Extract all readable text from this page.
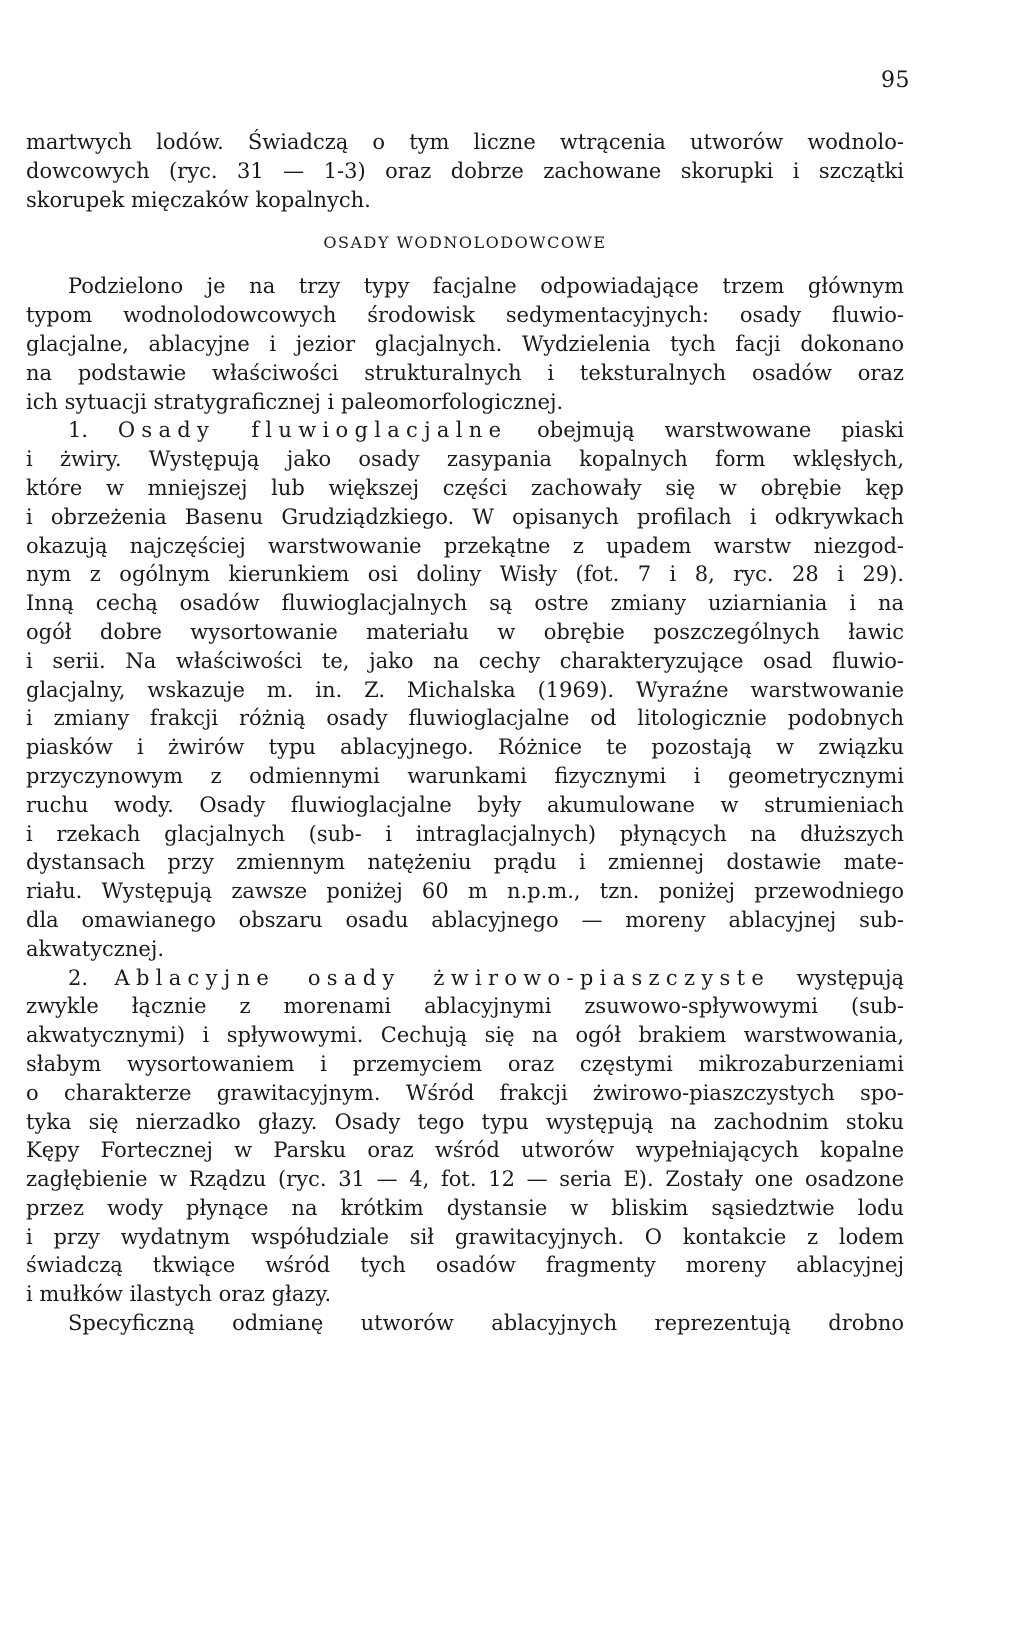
95
martwych lodów. Świadczą o tym liczne wtrącenia utworów wodnolo-
dowcowych (ryc. 31 — 1-3) oraz dobrze zachowane skorupki i szczątki
skorupek mięczaków kopalnych.
OSADY WODNOLODOWCOWE
Podzielono je na trzy typy facjalne odpowiadające trzem głównym
typom wodnolodowcowych środowisk sedymentacyjnych: osady fluwio-
glacjalne, ablacyjne i jezior glacjalnych. Wydzielenia tych facji dokonano
na podstawie właściwości strukturalnych i teksturalnych osadów oraz
ich sytuacji stratygraficznej i paleomorfologicznej.
1. Osady fluwioglacjalne obejmują warstwowane piaski
i żwiry. Występują jako osady zasypania kopalnych form wklęsłych,
które w mniejszej lub większej części zachowały się w obrębie kęp
i obrzeżenia Basenu Grudziądzkiego. W opisanych profilach i odkrywkach
okazują najczęściej warstwowanie przekątne z upadem warstw niezgod-
nym z ogólnym kierunkiem osi doliny Wisły (fot. 7 i 8, ryc. 28 i 29).
Inną cechą osadów fluwioglacjalnych są ostre zmiany uziarniania i na
ogół dobre wysortowanie materiału w obrębie poszczególnych ławic
i serii. Na właściwości te, jako na cechy charakteryzujące osad fluwio-
glacjalny, wskazuje m. in. Z. Michalska (1969). Wyraźne warstwowanie
i zmiany frakcji różnią osady fluwioglacjalne od litologicznie podobnych
piasków i żwirów typu ablacyjnego. Różnice te pozostają w związku
przyczynowym z odmiennymi warunkami fizycznymi i geometrycznymi
ruchu wody. Osady fluwioglacjalne były akumulowane w strumieniach
i rzekach glacjalnych (sub- i intraglacjalnych) płynących na dłuższych
dystansach przy zmiennym natężeniu prądu i zmiennej dostawie mate-
riału. Występują zawsze poniżej 60 m n.p.m., tzn. poniżej przewodniego
dla omawianego obszaru osadu ablacyjnego — moreny ablacyjnej sub-
akwatycznej.
2. Ablacyjne osady żwirowo-piaszczyste występują
zwykle łącznie z morenami ablacyjnymi zsuwowo-spływowymi (sub-
akwatycznymi) i spływowymi. Cechują się na ogół brakiem warstwowania,
słabym wysortowaniem i przemyciem oraz częstymi mikrozaburzeniami
o charakterze grawitacyjnym. Wśród frakcji żwirowo-piaszczystych spo-
tyka się nierzadko głazy. Osady tego typu występują na zachodnim stoku
Kępy Fortecznej w Parsku oraz wśród utworów wypełniających kopalne
zagłębienie w Rządzu (ryc. 31 — 4, fot. 12 — seria E). Zostały one osadzone
przez wody płynące na krótkim dystansie w bliskim sąsiedztwie lodu
i przy wydatnym współudziale sił grawitacyjnych. O kontakcie z lodem
świadczą tkwiące wśród tych osadów fragmenty moreny ablacyjnej
i mułków ilastych oraz głazy.
Specyficzną odmianę utworów ablacyjnych reprezentują drobno
